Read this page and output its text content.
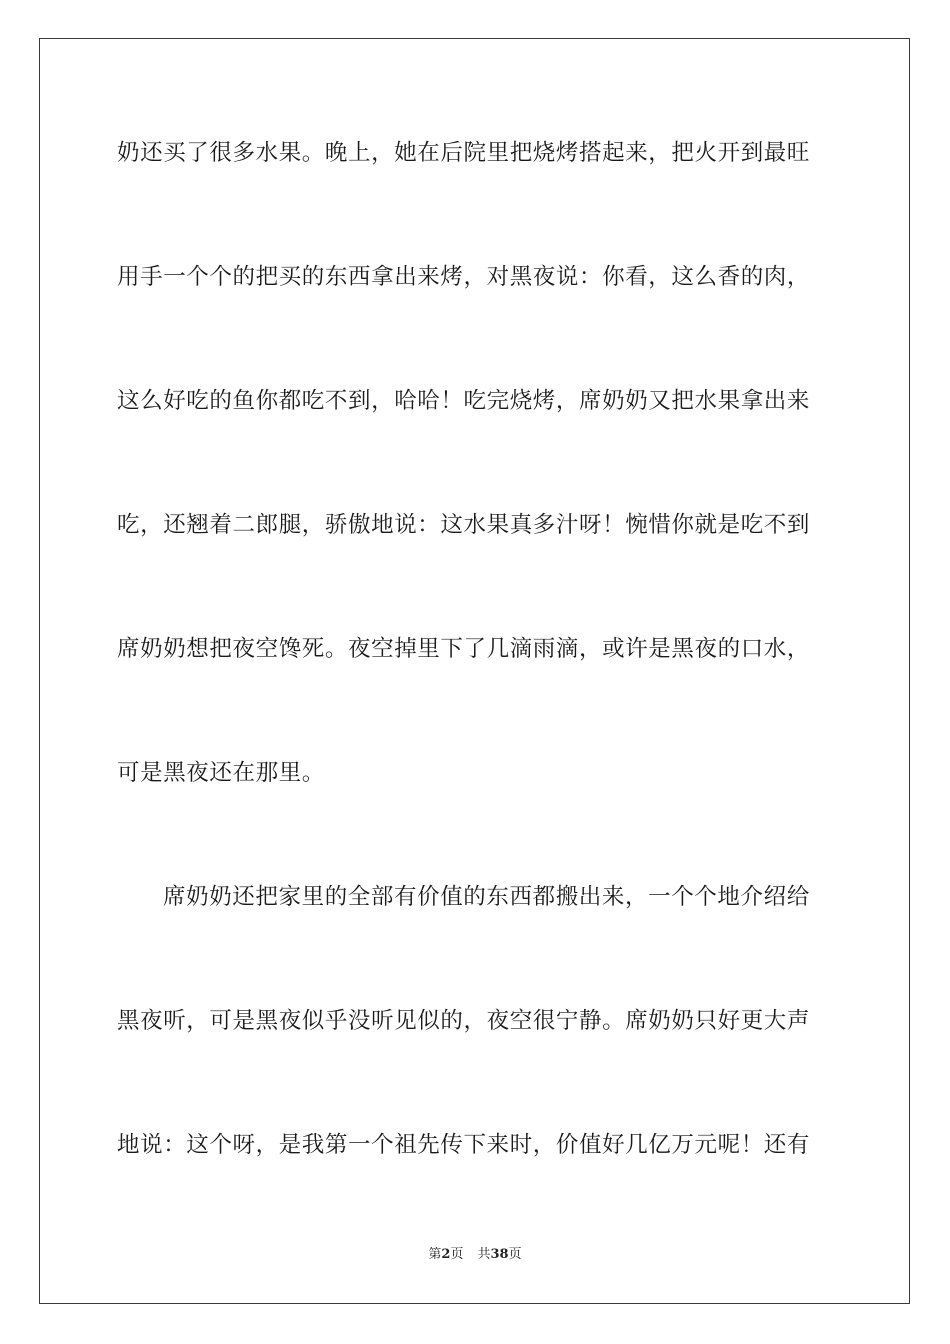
奶还买了很多水果。晚上，她在后院里把烧烤搭起来，把火开到最旺
用手一个个的把买的东西拿出来烤，对黑夜说：你看，这么香的肉，
这么好吃的鱼你都吃不到，哈哈！吃完烧烤，席奶奶又把水果拿出来
吃，还翘着二郎腿，骄傲地说：这水果真多汁呀！惋惜你就是吃不到
席奶奶想把夜空馋死。夜空掉里下了几滴雨滴，或许是黑夜的口水，
可是黑夜还在那里。
席奶奶还把家里的全部有价值的东西都搬出来，一个个地介绍给
黑夜听，可是黑夜似乎没听见似的，夜空很宁静。席奶奶只好更大声
地说：这个呀，是我第一个祖先传下来时，价值好几亿万元呢！还有
第2页 共38页
